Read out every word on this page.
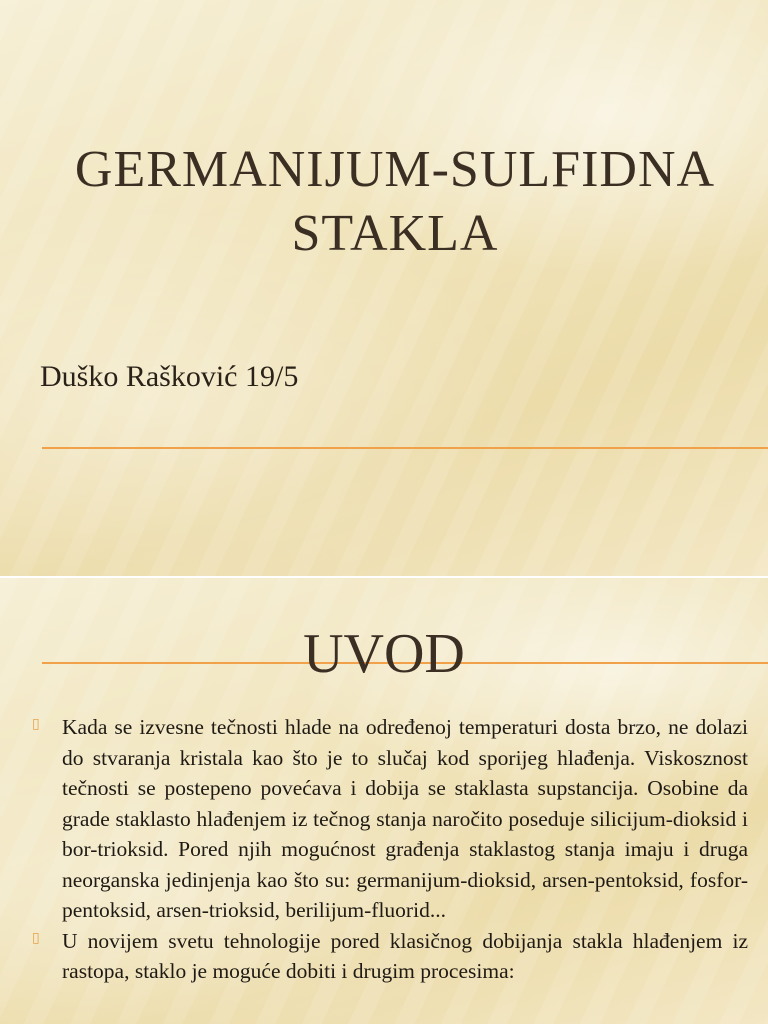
GERMANIJUM-SULFIDNA STAKLA
Duško Rašković 19/5
UVOD
▯ Kada se izvesne tečnosti hlade na određenoj temperaturi dosta brzo, ne dolazi do stvaranja kristala kao što je to slučaj kod sporijeg hlađenja. Viskosznost tečnosti se postepeno povećava i dobija se staklasta supstancija. Osobine da grade staklasto hlađenjem iz tečnog stanja naročito poseduje silicijum-dioksid i bor-trioksid. Pored njih mogućnost građenja staklastog stanja imaju i druga neorganska jedinjenja kao što su: germanijum-dioksid, arsen-pentoksid, fosfor-pentoksid, arsen-trioksid, berilijum-fluorid...
▯ U novijem svetu tehnologije pored klasičnog dobijanja stakla hlađenjem iz rastopa, staklo je moguće dobiti i drugim procesima:
